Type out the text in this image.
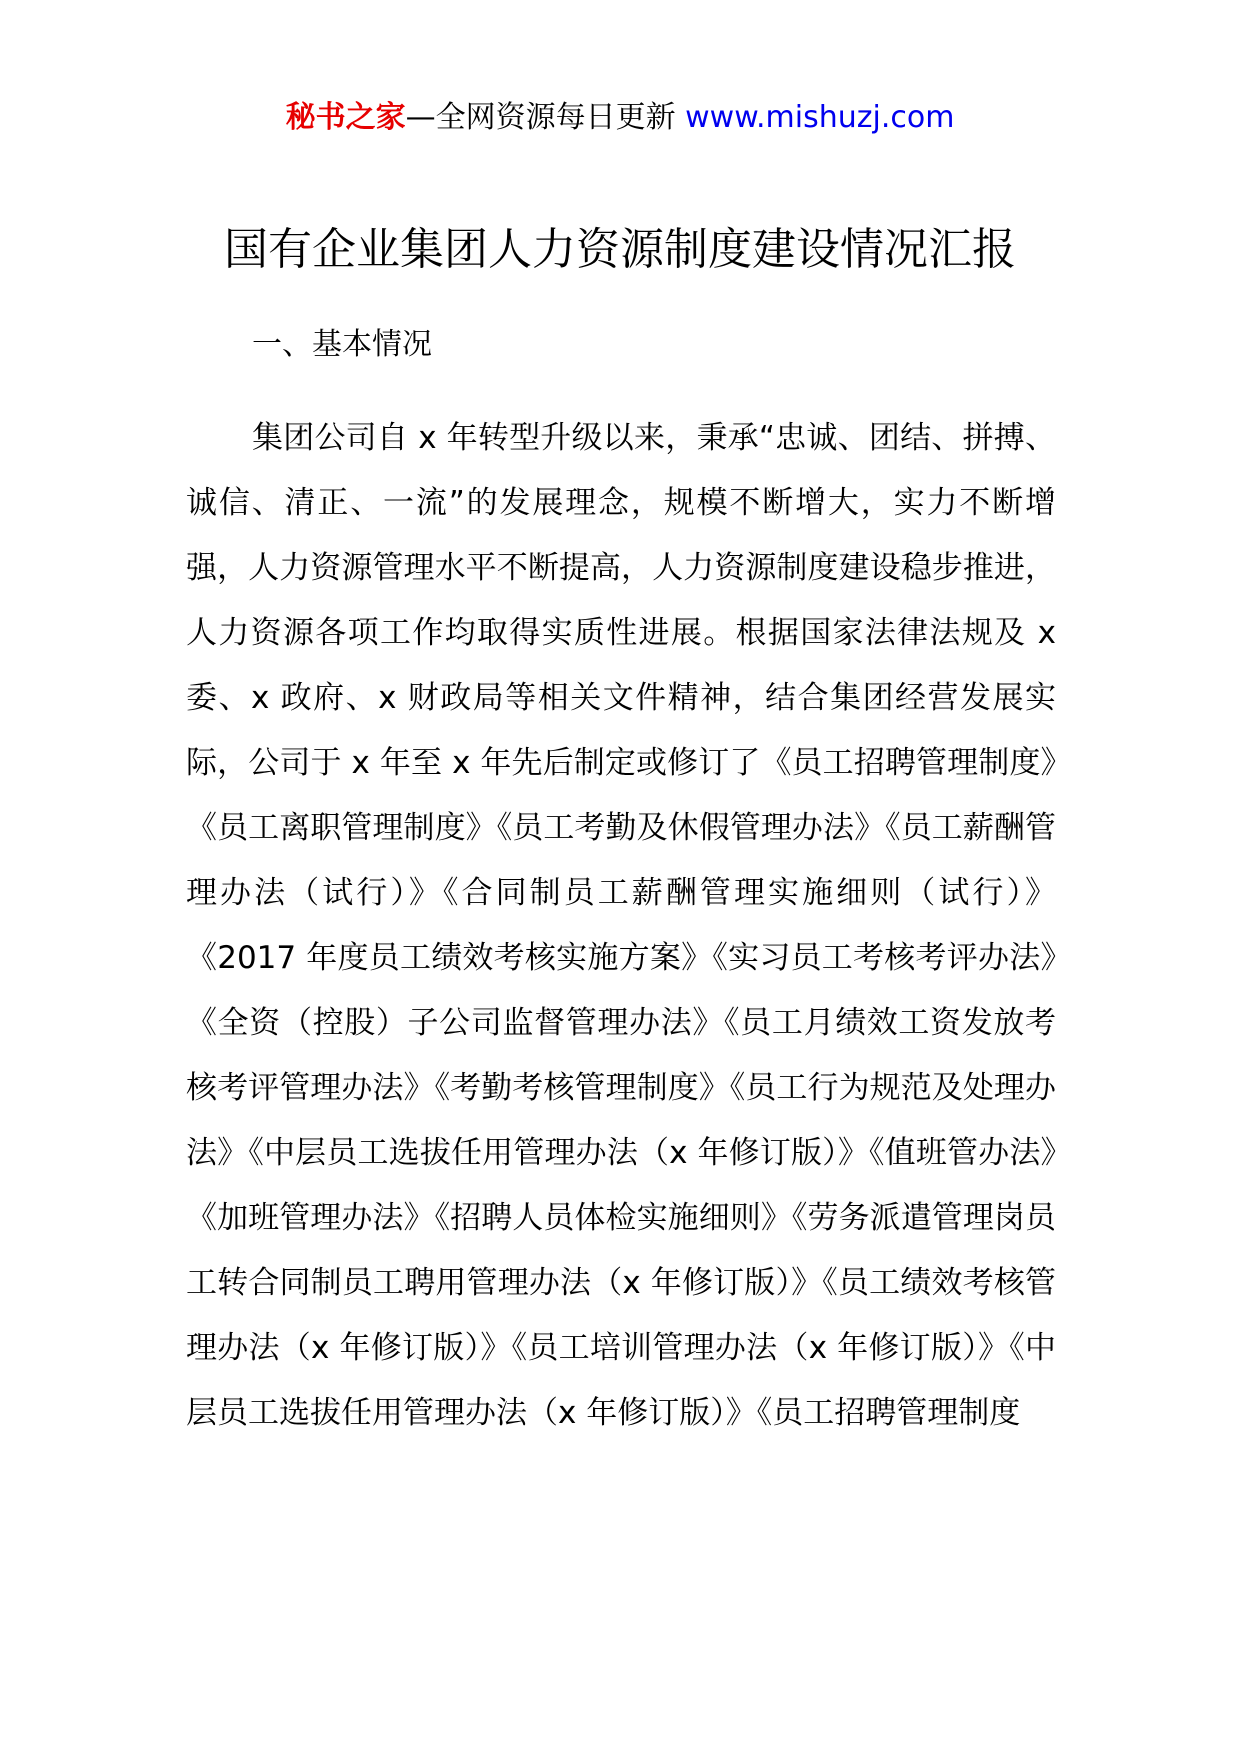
秘书之家—全网资源每日更新 www.mishuzj.com
国有企业集团人力资源制度建设情况汇报
一、基本情况

集团公司自 x 年转型升级以来，秉承“忠诚、团结、拼搏、诚信、清正、一流”的发展理念，规模不断增大，实力不断增强，人力资源管理水平不断提高，人力资源制度建设稳步推进，人力资源各项工作均取得实质性进展。根据国家法律法规及 x 委、x 政府、x 财政局等相关文件精神，结合集团经营发展实际，公司于 x 年至 x 年先后制定或修订了《员工招聘管理制度》《员工离职管理制度》《员工考勤及休假管理办法》《员工薪酬管理办法（试行）》《合同制员工薪酬管理实施细则（试行）》《2017 年度员工绩效考核实施方案》《实习员工考核考评办法》《全资（控股）子公司监督管理办法》《员工月绩效工资发放考核考评管理办法》《考勤考核管理制度》《员工行为规范及处理办法》《中层员工选拔任用管理办法（x 年修订版）》《值班管办法》《加班管理办法》《招聘人员体检实施细则》《劳务派遣管理岗员工转合同制员工聘用管理办法（x 年修订版）》《员工绩效考核管理办法（x 年修订版）》《员工培训管理办法（x 年修订版）》《中层员工选拔任用管理办法（x 年修订版）》《员工招聘管理制度
